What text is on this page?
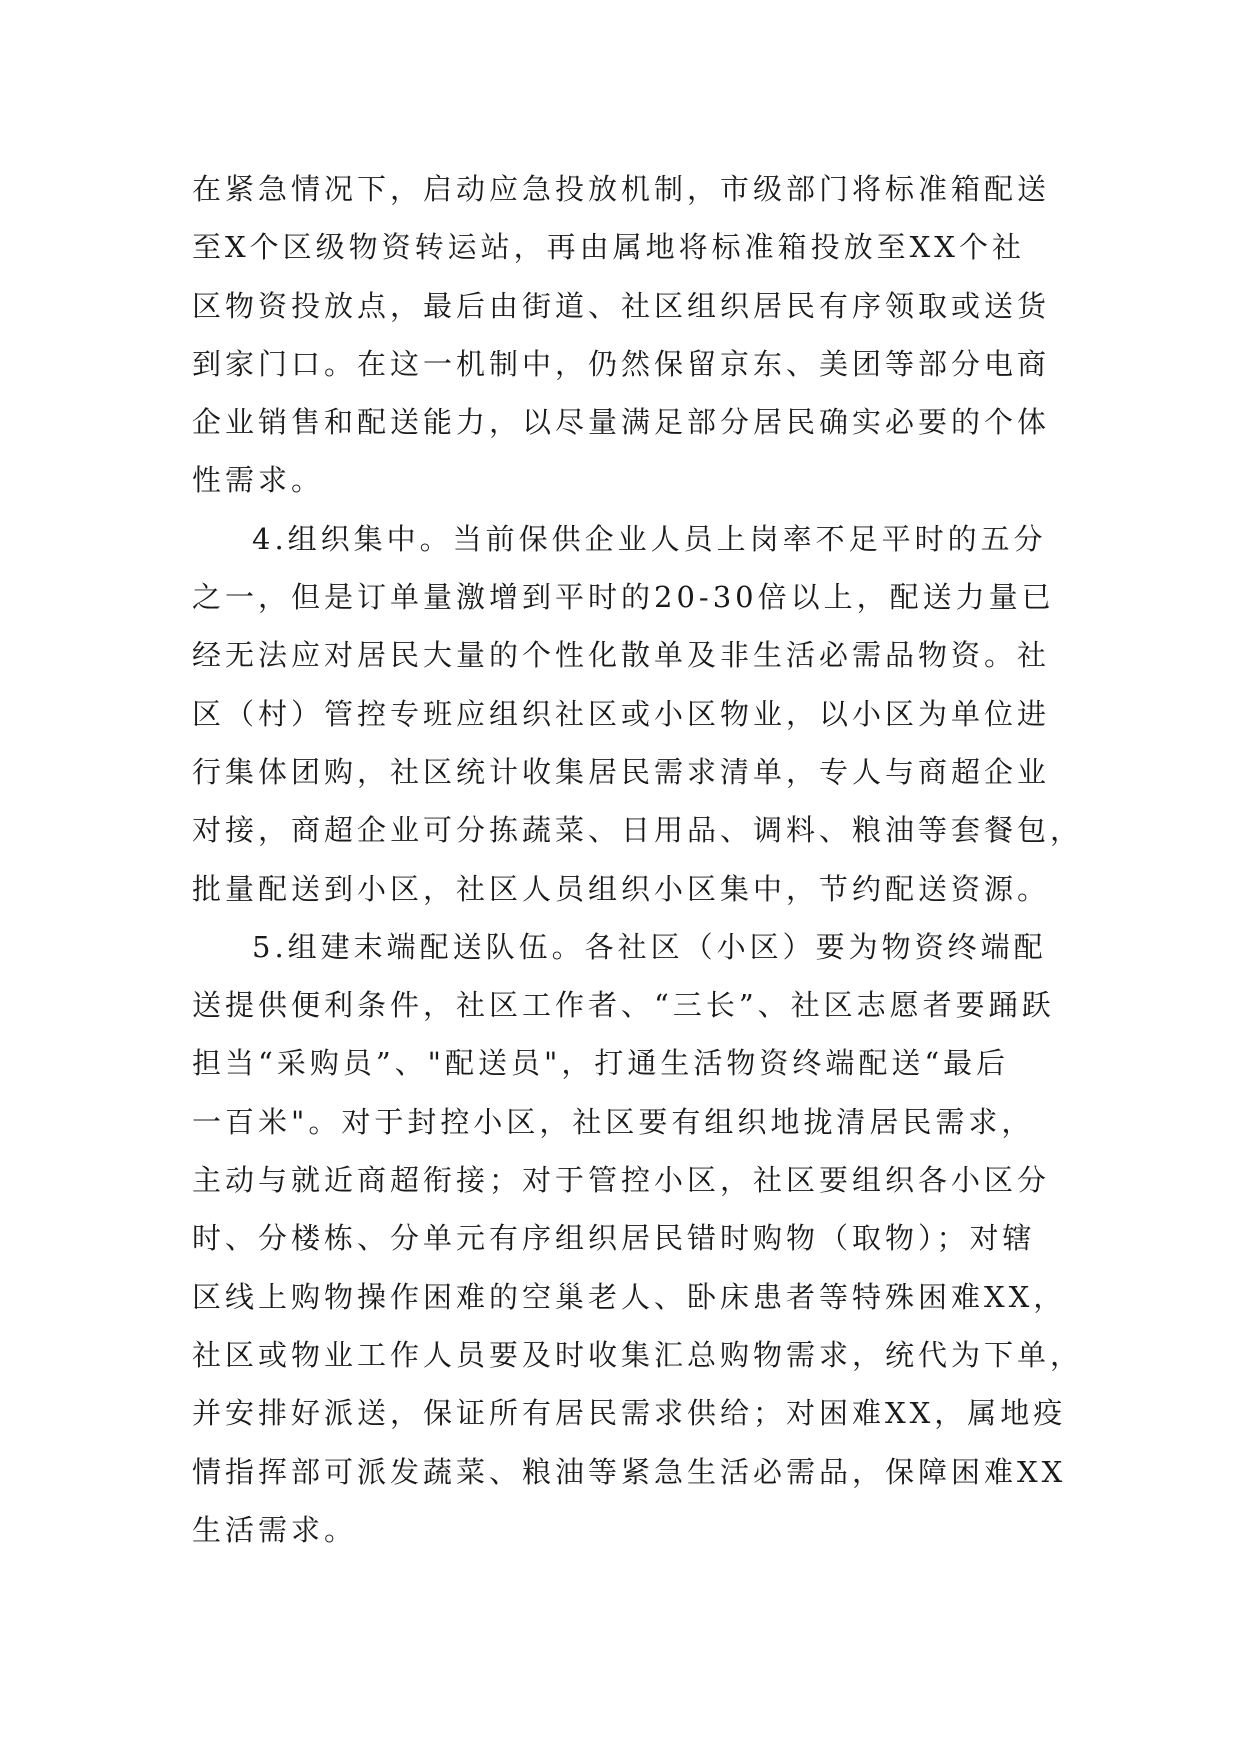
在紧急情况下，启动应急投放机制，市级部门将标准箱配送
至X个区级物资转运站，再由属地将标准箱投放至XX个社
区物资投放点，最后由街道、社区组织居民有序领取或送货
到家门口。在这一机制中，仍然保留京东、美团等部分电商
企业销售和配送能力，以尽量满足部分居民确实必要的个体
性需求。
4.组织集中。当前保供企业人员上岗率不足平时的五分
之一，但是订单量激增到平时的20-30倍以上，配送力量已
经无法应对居民大量的个性化散单及非生活必需品物资。社
区（村）管控专班应组织社区或小区物业，以小区为单位进
行集体团购，社区统计收集居民需求清单，专人与商超企业
对接，商超企业可分拣蔬菜、日用品、调料、粮油等套餐包，
批量配送到小区，社区人员组织小区集中，节约配送资源。
5.组建末端配送队伍。各社区（小区）要为物资终端配
送提供便利条件，社区工作者、“三长”、社区志愿者要踊跃
担当“采购员”、"配送员"，打通生活物资终端配送“最后
一百米"。对于封控小区，社区要有组织地拢清居民需求，
主动与就近商超衔接；对于管控小区，社区要组织各小区分
时、分楼栋、分单元有序组织居民错时购物（取物）；对辖
区线上购物操作困难的空巢老人、卧床患者等特殊困难XX，
社区或物业工作人员要及时收集汇总购物需求，统代为下单，
并安排好派送，保证所有居民需求供给；对困难XX，属地疫
情指挥部可派发蔬菜、粮油等紧急生活必需品，保障困难XX
生活需求。
